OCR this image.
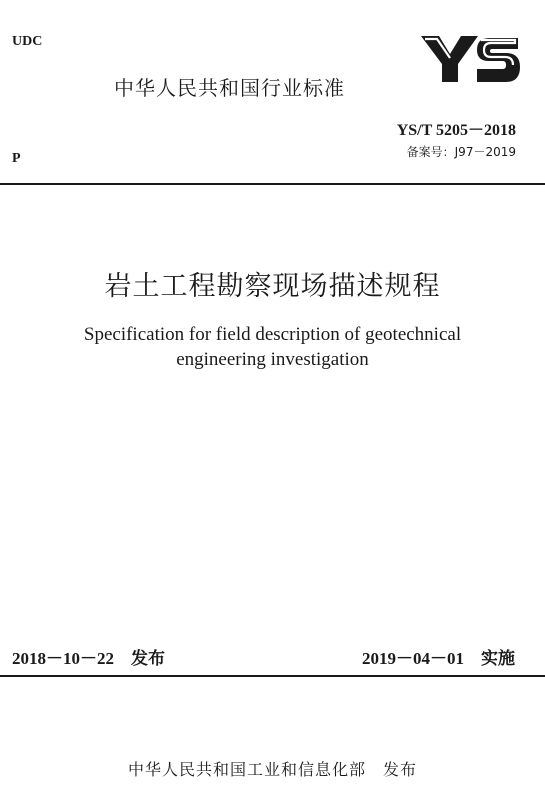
UDC
P
中华人民共和国行业标准
YS/T 5205－2018
备案号：J97－2019
岩土工程勘察现场描述规程
Specification for field description of geotechnical
engineering investigation
2018－10－22　发布	2019－04－01　实施
中华人民共和国工业和信息化部　发布
